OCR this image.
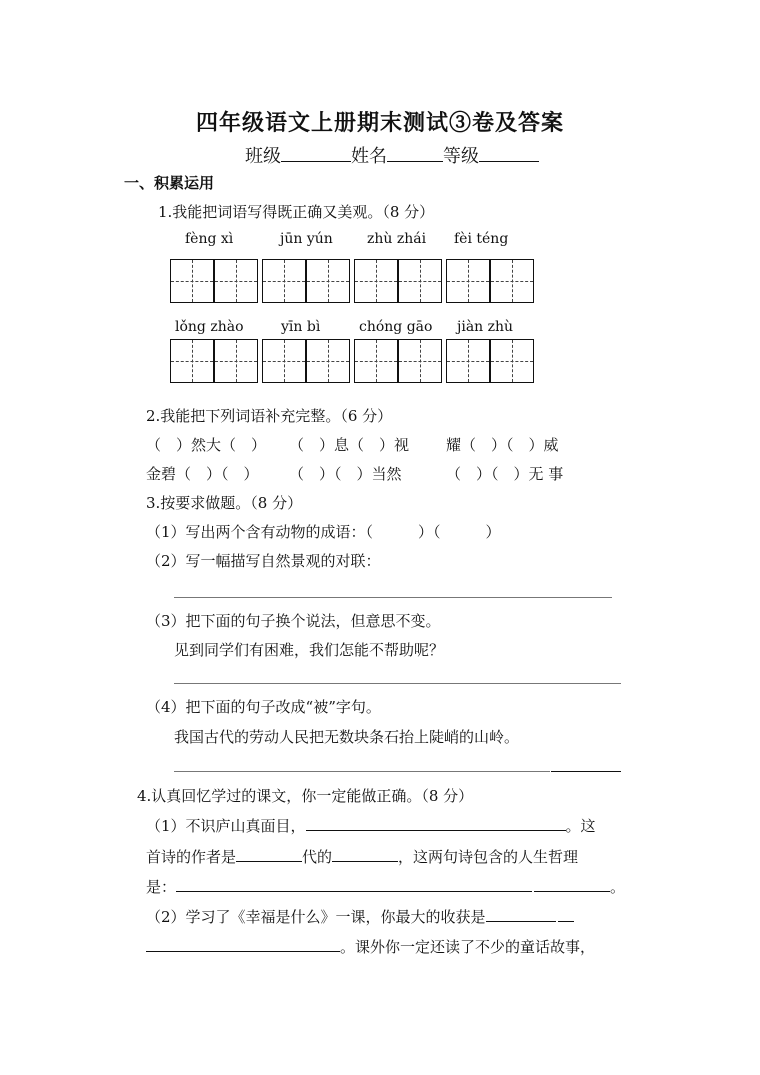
四年级语文上册期末测试③卷及答案
班级	姓名	等级
一、积累运用
1.我能把词语写得既正确又美观。（8 分）
fèng xì	jūn yún zhù zhái fèi téng
lǒng zhào	yīn bì	chóng gāo jiàn zhù
2.我能把下列词语补充完整。（6 分）
（　）然大（　） （　）息（　）视 耀（　）（　）威
金碧（　）（　） （　）（　）当然	（　）（　）无 事
3.按要求做题。（8 分）
（1）写出两个含有动物的成语：（　　　）（　　　）
（2）写一幅描写自然景观的对联：
（3）把下面的句子换个说法，但意思不变。
见到同学们有困难，我们怎能不帮助呢？
（4）把下面的句子改成“被”字句。
我国古代的劳动人民把无数块条石抬上陡峭的山岭。
4.认真回忆学过的课文，你一定能做正确。（8 分）
（1）不识庐山真面目，	。这
首诗的作者是	代的	，这两句诗包含的人生哲理
是：	。
（2）学习了《幸福是什么》一课，你最大的收获是
。课外你一定还读了不少的童话故事，
